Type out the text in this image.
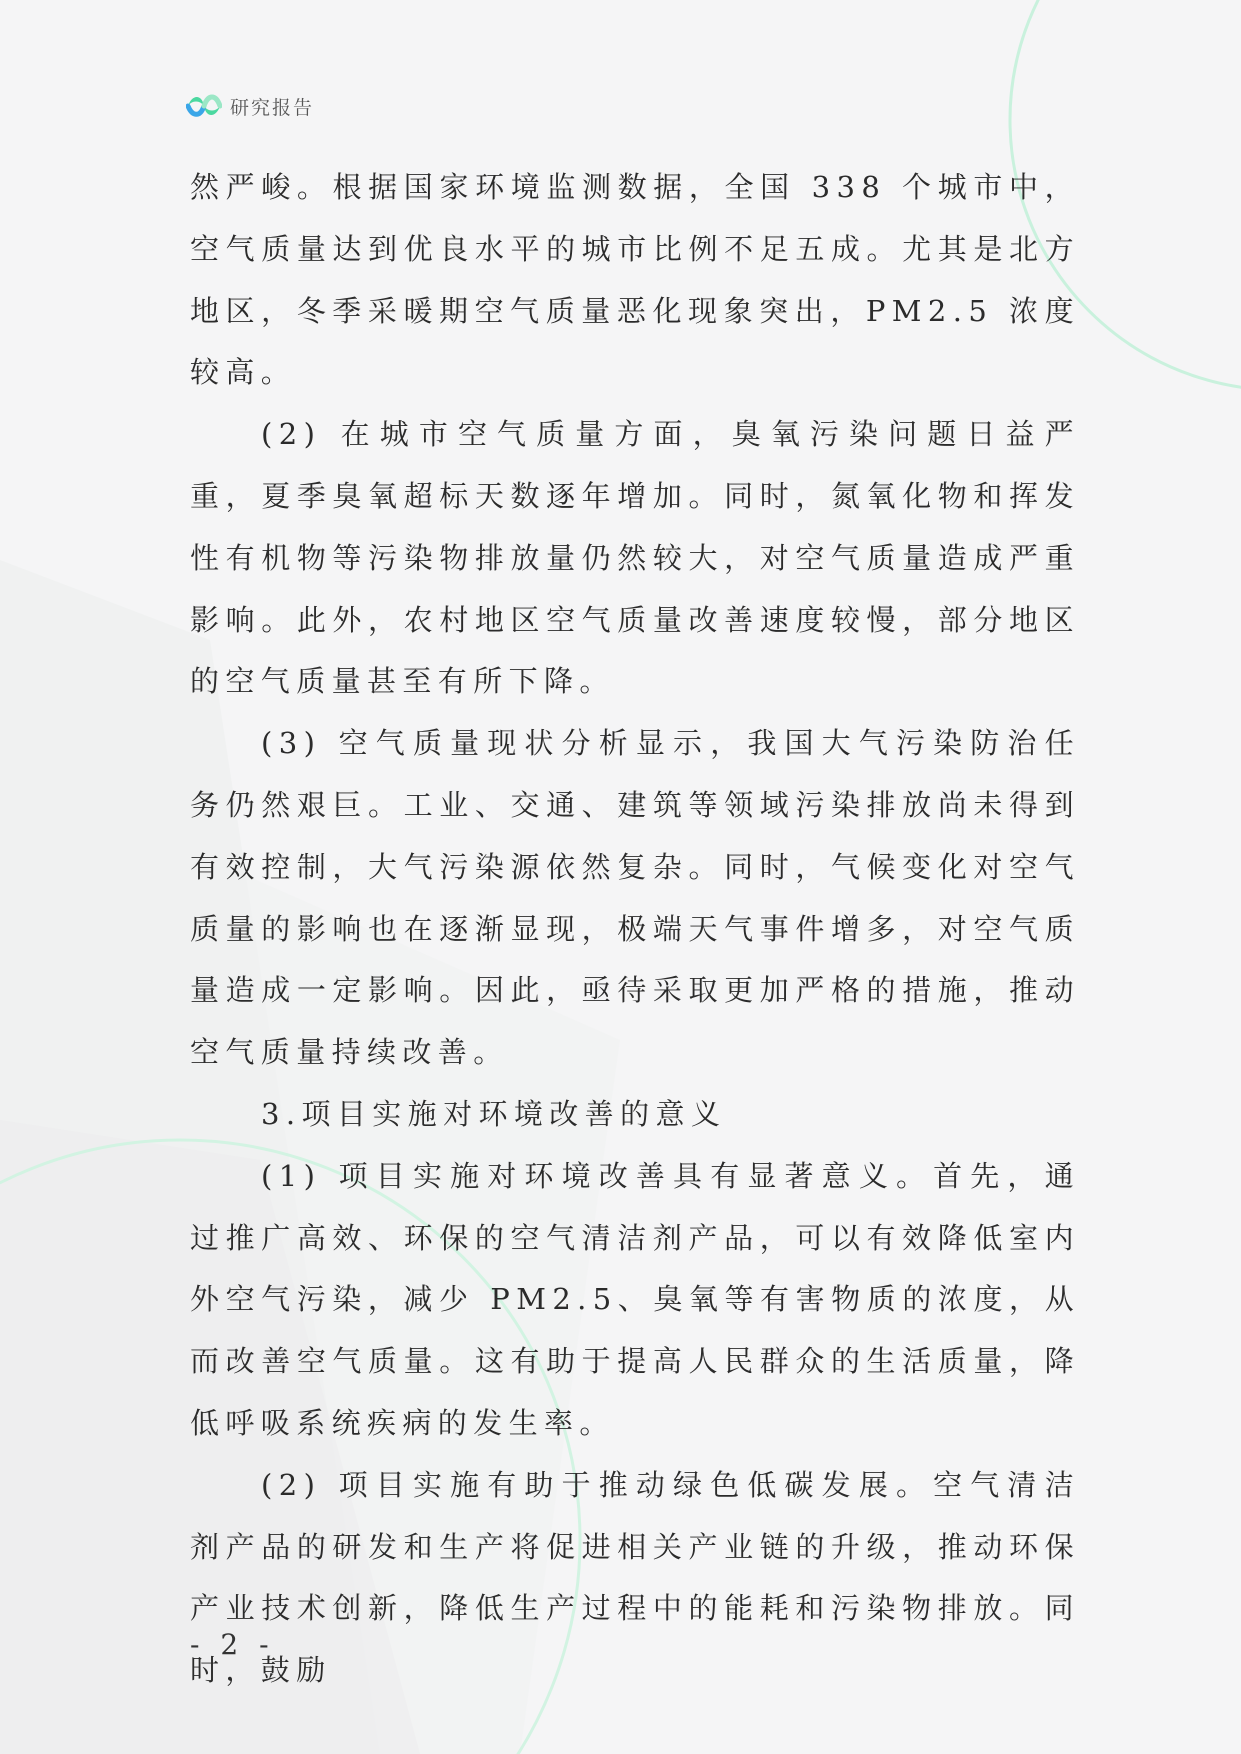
研究报告

然严峻。根据国家环境监测数据，全国 338 个城市中，空气质量达到优良水平的城市比例不足五成。尤其是北方地区，冬季采暖期空气质量恶化现象突出，PM2.5 浓度较高。

(2) 在城市空气质量方面，臭氧污染问题日益严重，夏季臭氧超标天数逐年增加。同时，氮氧化物和挥发性有机物等污染物排放量仍然较大，对空气质量造成严重影响。此外，农村地区空气质量改善速度较慢，部分地区的空气质量甚至有所下降。

(3) 空气质量现状分析显示，我国大气污染防治任务仍然艰巨。工业、交通、建筑等领域污染排放尚未得到有效控制，大气污染源依然复杂。同时，气候变化对空气质量的影响也在逐渐显现，极端天气事件增多，对空气质量造成一定影响。因此，亟待采取更加严格的措施，推动空气质量持续改善。

3.项目实施对环境改善的意义

(1) 项目实施对环境改善具有显著意义。首先，通过推广高效、环保的空气清洁剂产品，可以有效降低室内外空气污染，减少 PM2.5、臭氧等有害物质的浓度，从而改善空气质量。这有助于提高人民群众的生活质量，降低呼吸系统疾病的发生率。

(2) 项目实施有助于推动绿色低碳发展。空气清洁剂产品的研发和生产将促进相关产业链的升级，推动环保产业技术创新，降低生产过程中的能耗和污染物排放。同时，鼓励

- 2 -
